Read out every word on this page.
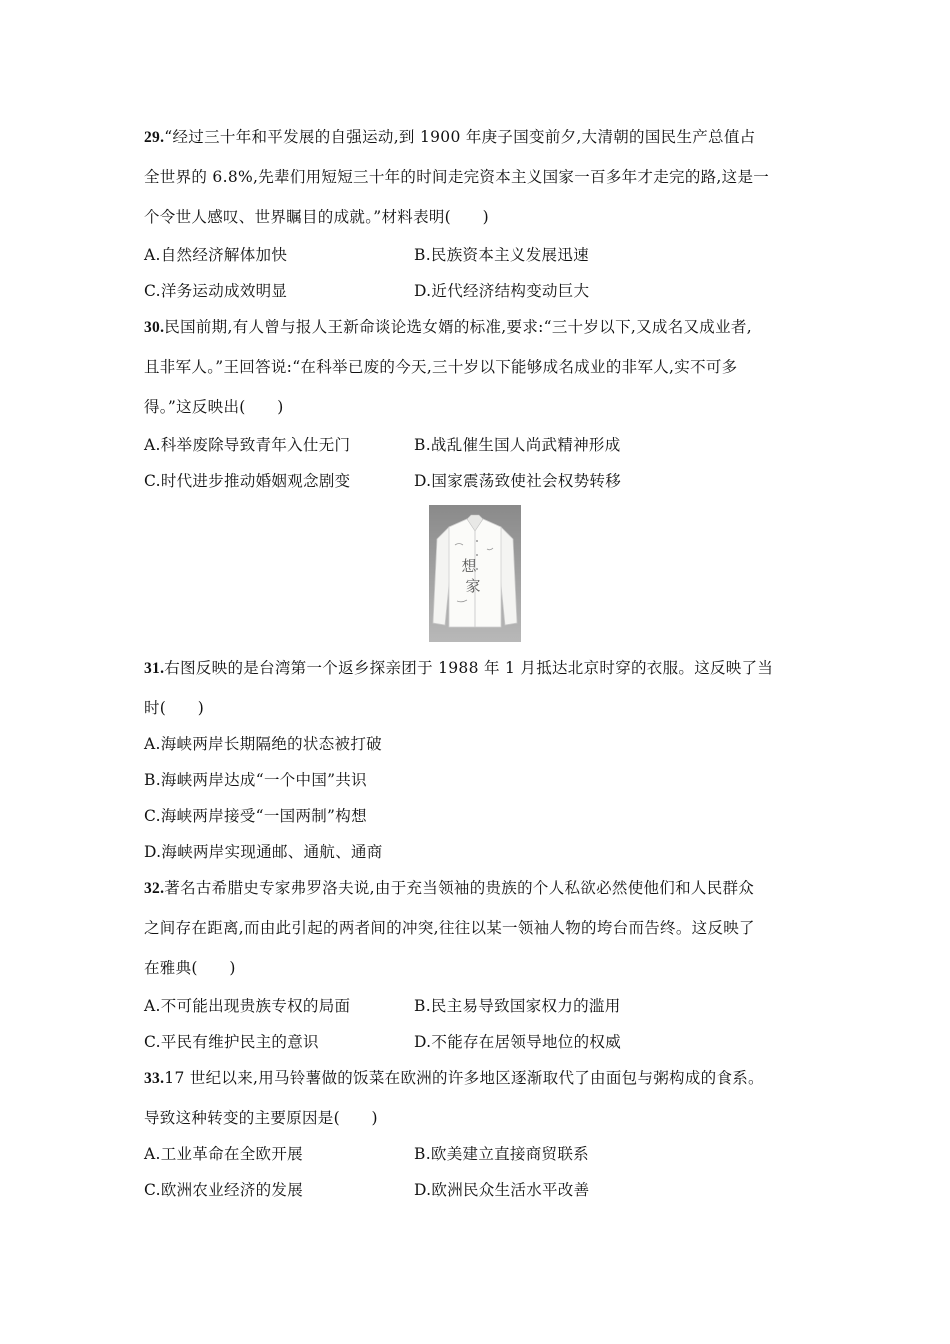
29.“经过三十年和平发展的自强运动,到 1900 年庚子国变前夕,大清朝的国民生产总值占
全世界的 6.8%,先辈们用短短三十年的时间走完资本主义国家一百多年才走完的路,这是一
个令世人感叹、世界瞩目的成就。”材料表明(　　)
A.自然经济解体加快	B.民族资本主义发展迅速
C.洋务运动成效明显	D.近代经济结构变动巨大
30.民国前期,有人曾与报人王新命谈论选女婿的标准,要求:“三十岁以下,又成名又成业者,
且非军人。”王回答说:“在科举已废的今天,三十岁以下能够成名成业的非军人,实不可多
得。”这反映出(　　)
A.科举废除导致青年入仕无门	B.战乱催生国人尚武精神形成
C.时代进步推动婚姻观念剧变	D.国家震荡致使社会权势转移
想
家
31.右图反映的是台湾第一个返乡探亲团于 1988 年 1 月抵达北京时穿的衣服。这反映了当
时(　　)
A.海峡两岸长期隔绝的状态被打破
B.海峡两岸达成“一个中国”共识
C.海峡两岸接受“一国两制”构想
D.海峡两岸实现通邮、通航、通商
32.著名古希腊史专家弗罗洛夫说,由于充当领袖的贵族的个人私欲必然使他们和人民群众
之间存在距离,而由此引起的两者间的冲突,往往以某一领袖人物的垮台而告终。这反映了
在雅典(　　)
A.不可能出现贵族专权的局面	B.民主易导致国家权力的滥用
C.平民有维护民主的意识	D.不能存在居领导地位的权威
33.17 世纪以来,用马铃薯做的饭菜在欧洲的许多地区逐渐取代了由面包与粥构成的食系。
导致这种转变的主要原因是(　　)
A.工业革命在全欧开展	B.欧美建立直接商贸联系
C.欧洲农业经济的发展	D.欧洲民众生活水平改善
